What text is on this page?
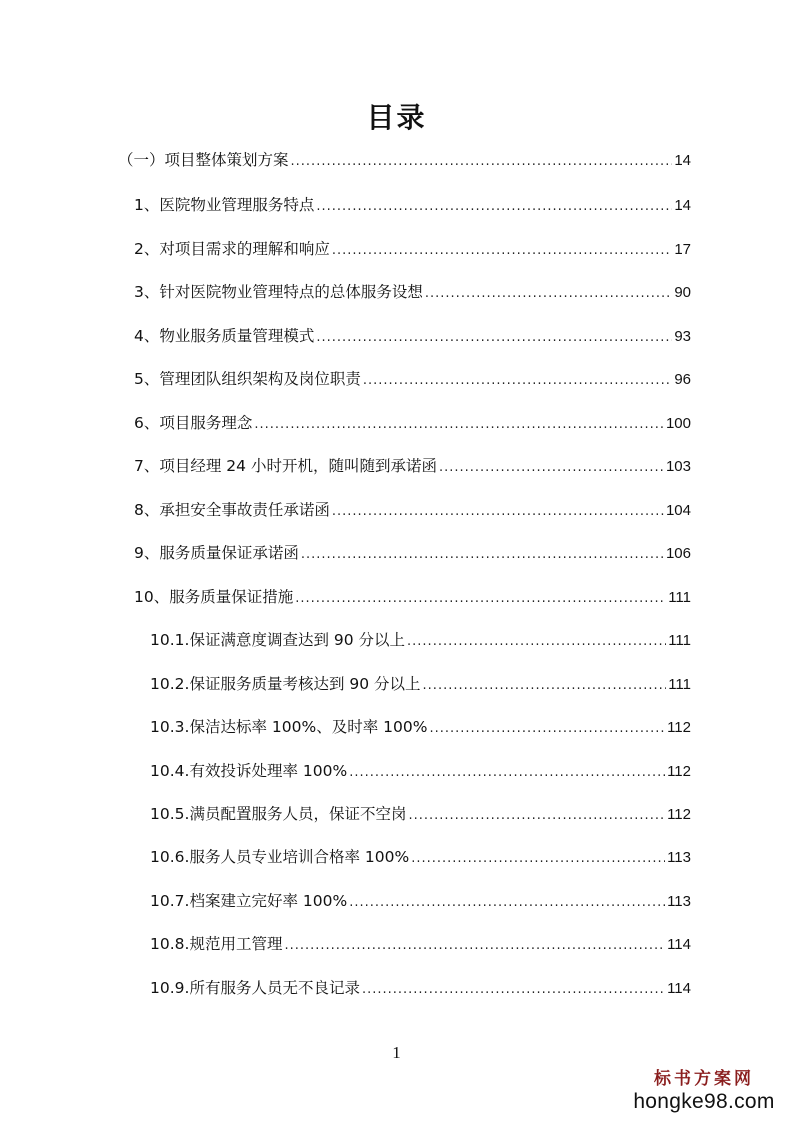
目录
（一） 项目整体策划方案 .....	14
1、 医院物业管理服务特点 .....	14
2、 对项目需求的理解和响应 .....	17
3、 针对医院物业管理特点的总体服务设想 .....	90
4、 物业服务质量管理模式 .....	93
5、 管理团队组织架构及岗位职责 .....	96
6、 项目服务理念 .....	100
7、 项目经理 24 小时开机，随叫随到承诺函 .....	103
8、 承担安全事故责任承诺函 .....	104
9、 服务质量保证承诺函 .....	106
10、 服务质量保证措施 .....	111
10.1. 保证满意度调查达到 90 分以上 .....	111
10.2. 保证服务质量考核达到 90 分以上 .....	111
10.3. 保洁达标率 100%、及时率 100% .....	112
10.4. 有效投诉处理率 100% .....	112
10.5. 满员配置服务人员，保证不空岗 .....	112
10.6. 服务人员专业培训合格率 100% .....	113
10.7. 档案建立完好率 100% .....	113
10.8. 规范用工管理 .....	114
10.9. 所有服务人员无不良记录 .....	114
1
标书方案网
hongke98.com
